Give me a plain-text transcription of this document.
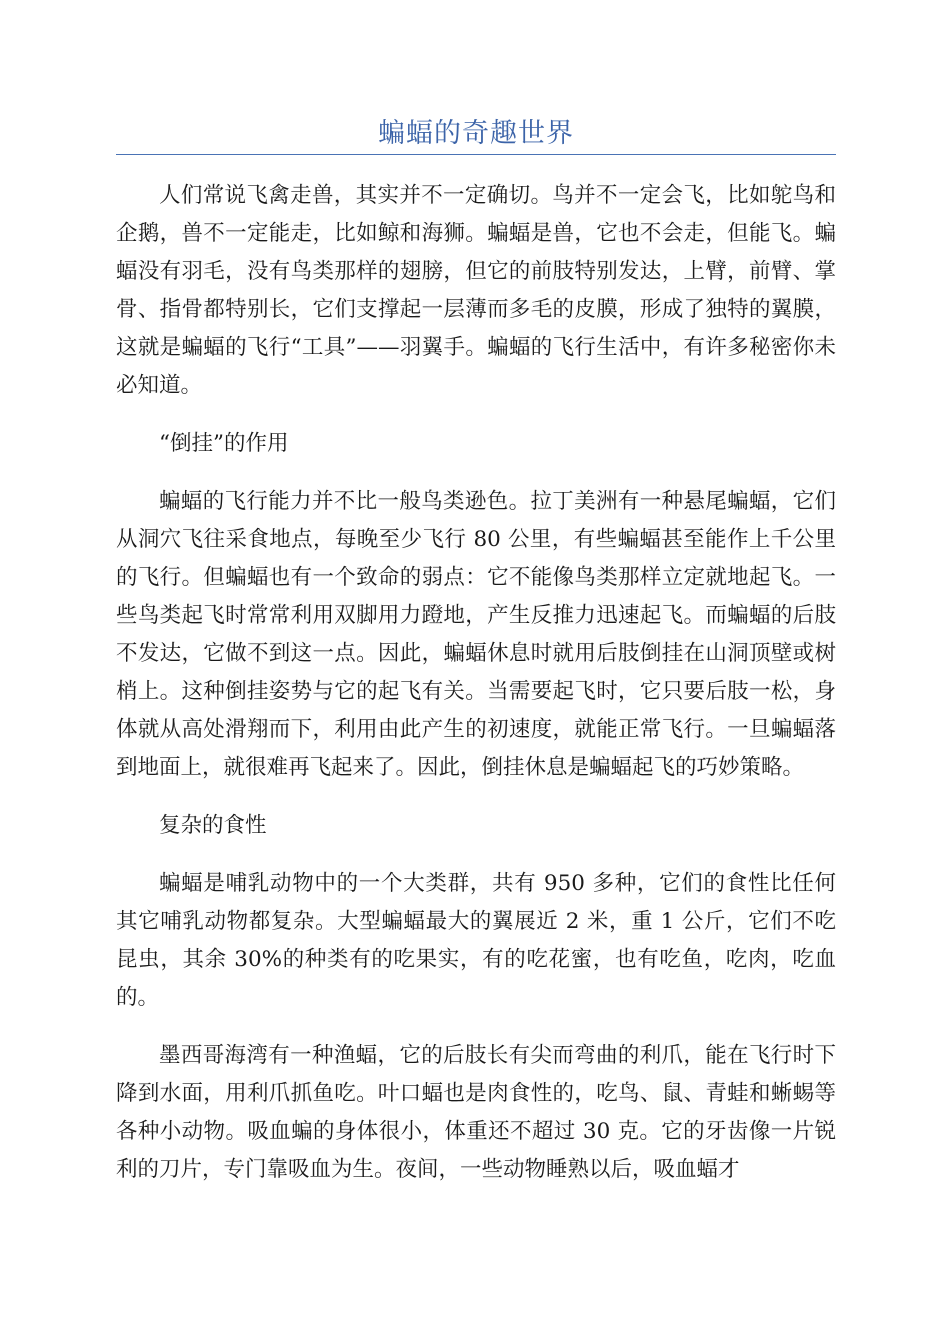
蝙蝠的奇趣世界

人们常说飞禽走兽，其实并不一定确切。鸟并不一定会飞，比如鸵鸟和企鹅，兽不一定能走，比如鲸和海狮。蝙蝠是兽，它也不会走，但能飞。蝙蝠没有羽毛，没有鸟类那样的翅膀，但它的前肢特别发达，上臂，前臂、掌骨、指骨都特别长，它们支撑起一层薄而多毛的皮膜，形成了独特的翼膜，这就是蝙蝠的飞行“工具”——羽翼手。蝙蝠的飞行生活中，有许多秘密你未必知道。

“倒挂”的作用

蝙蝠的飞行能力并不比一般鸟类逊色。拉丁美洲有一种悬尾蝙蝠，它们从洞穴飞往采食地点，每晚至少飞行 80 公里，有些蝙蝠甚至能作上千公里的飞行。但蝙蝠也有一个致命的弱点：它不能像鸟类那样立定就地起飞。一些鸟类起飞时常常利用双脚用力蹬地，产生反推力迅速起飞。而蝙蝠的后肢不发达，它做不到这一点。因此，蝙蝠休息时就用后肢倒挂在山洞顶壁或树梢上。这种倒挂姿势与它的起飞有关。当需要起飞时，它只要后肢一松，身体就从高处滑翔而下，利用由此产生的初速度，就能正常飞行。一旦蝙蝠落到地面上，就很难再飞起来了。因此，倒挂休息是蝙蝠起飞的巧妙策略。

复杂的食性

蝙蝠是哺乳动物中的一个大类群，共有 950 多种，它们的食性比任何其它哺乳动物都复杂。大型蝙蝠最大的翼展近 2 米，重 1 公斤，它们不吃昆虫，其余 30%的种类有的吃果实，有的吃花蜜，也有吃鱼，吃肉，吃血的。

墨西哥海湾有一种渔蝠，它的后肢长有尖而弯曲的利爪，能在飞行时下降到水面，用利爪抓鱼吃。叶口蝠也是肉食性的，吃鸟、鼠、青蛙和蜥蜴等各种小动物。吸血蝙的身体很小，体重还不超过 30 克。它的牙齿像一片锐利的刀片，专门靠吸血为生。夜间，一些动物睡熟以后，吸血蝠才
